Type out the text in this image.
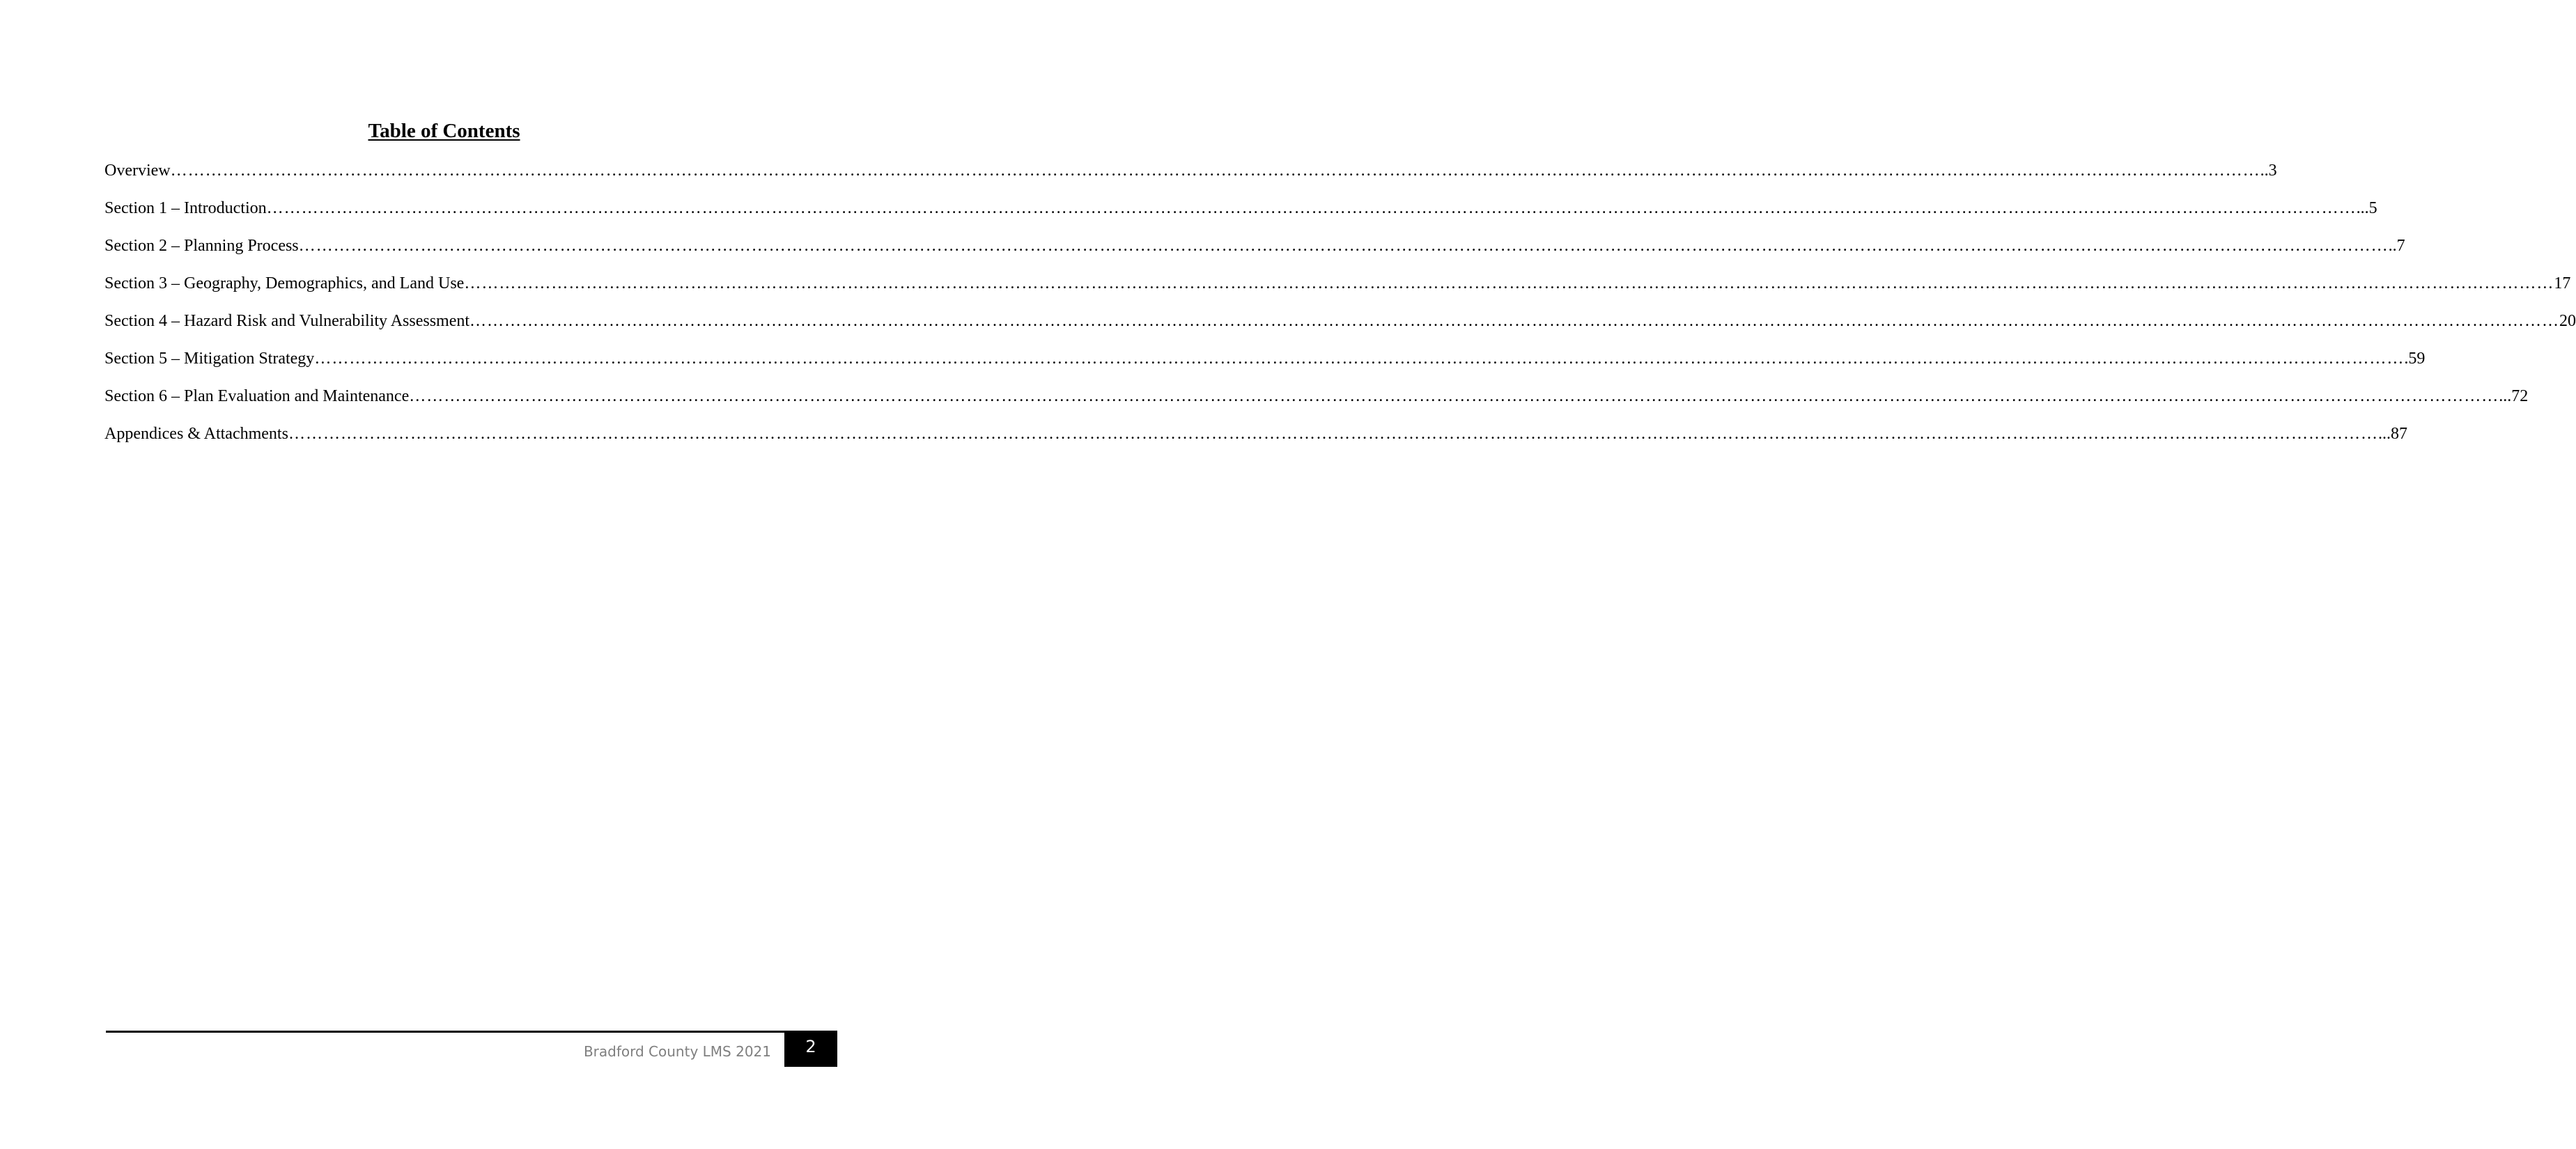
Table of Contents
Overview ……………………………………………………………………………………………………………………………………………………………………………………………………………………………………………………………………………………………………………………………… ..3
Section 1 – Introduction ……………………………………………………………………………………………………………………………………………………………………………………………………………………………………………………………………………………………………………………………… ...5
Section 2 – Planning Process ……………………………………………………………………………………………………………………………………………………………………………………………………………………………………………………………………………………………………………………………… ..7
Section 3 – Geography, Demographics, and Land Use ……………………………………………………………………………………………………………………………………………………………………………………………………………………………………………………………………………………………………………………………… 17
Section 4 – Hazard Risk and Vulnerability Assessment ……………………………………………………………………………………………………………………………………………………………………………………………………………………………………………………………………………………………………………………………… 20
Section 5 – Mitigation Strategy ……………………………………………………………………………………………………………………………………………………………………………………………………………………………………………………………………………………………………………………………… .59
Section 6 – Plan Evaluation and Maintenance ……………………………………………………………………………………………………………………………………………………………………………………………………………………………………………………………………………………………………………………………… ...72
Appendices & Attachments ……………………………………………………………………………………………………………………………………………………………………………………………………………………………………………………………………………………………………………………………… ...87
Bradford County LMS 2021 2
